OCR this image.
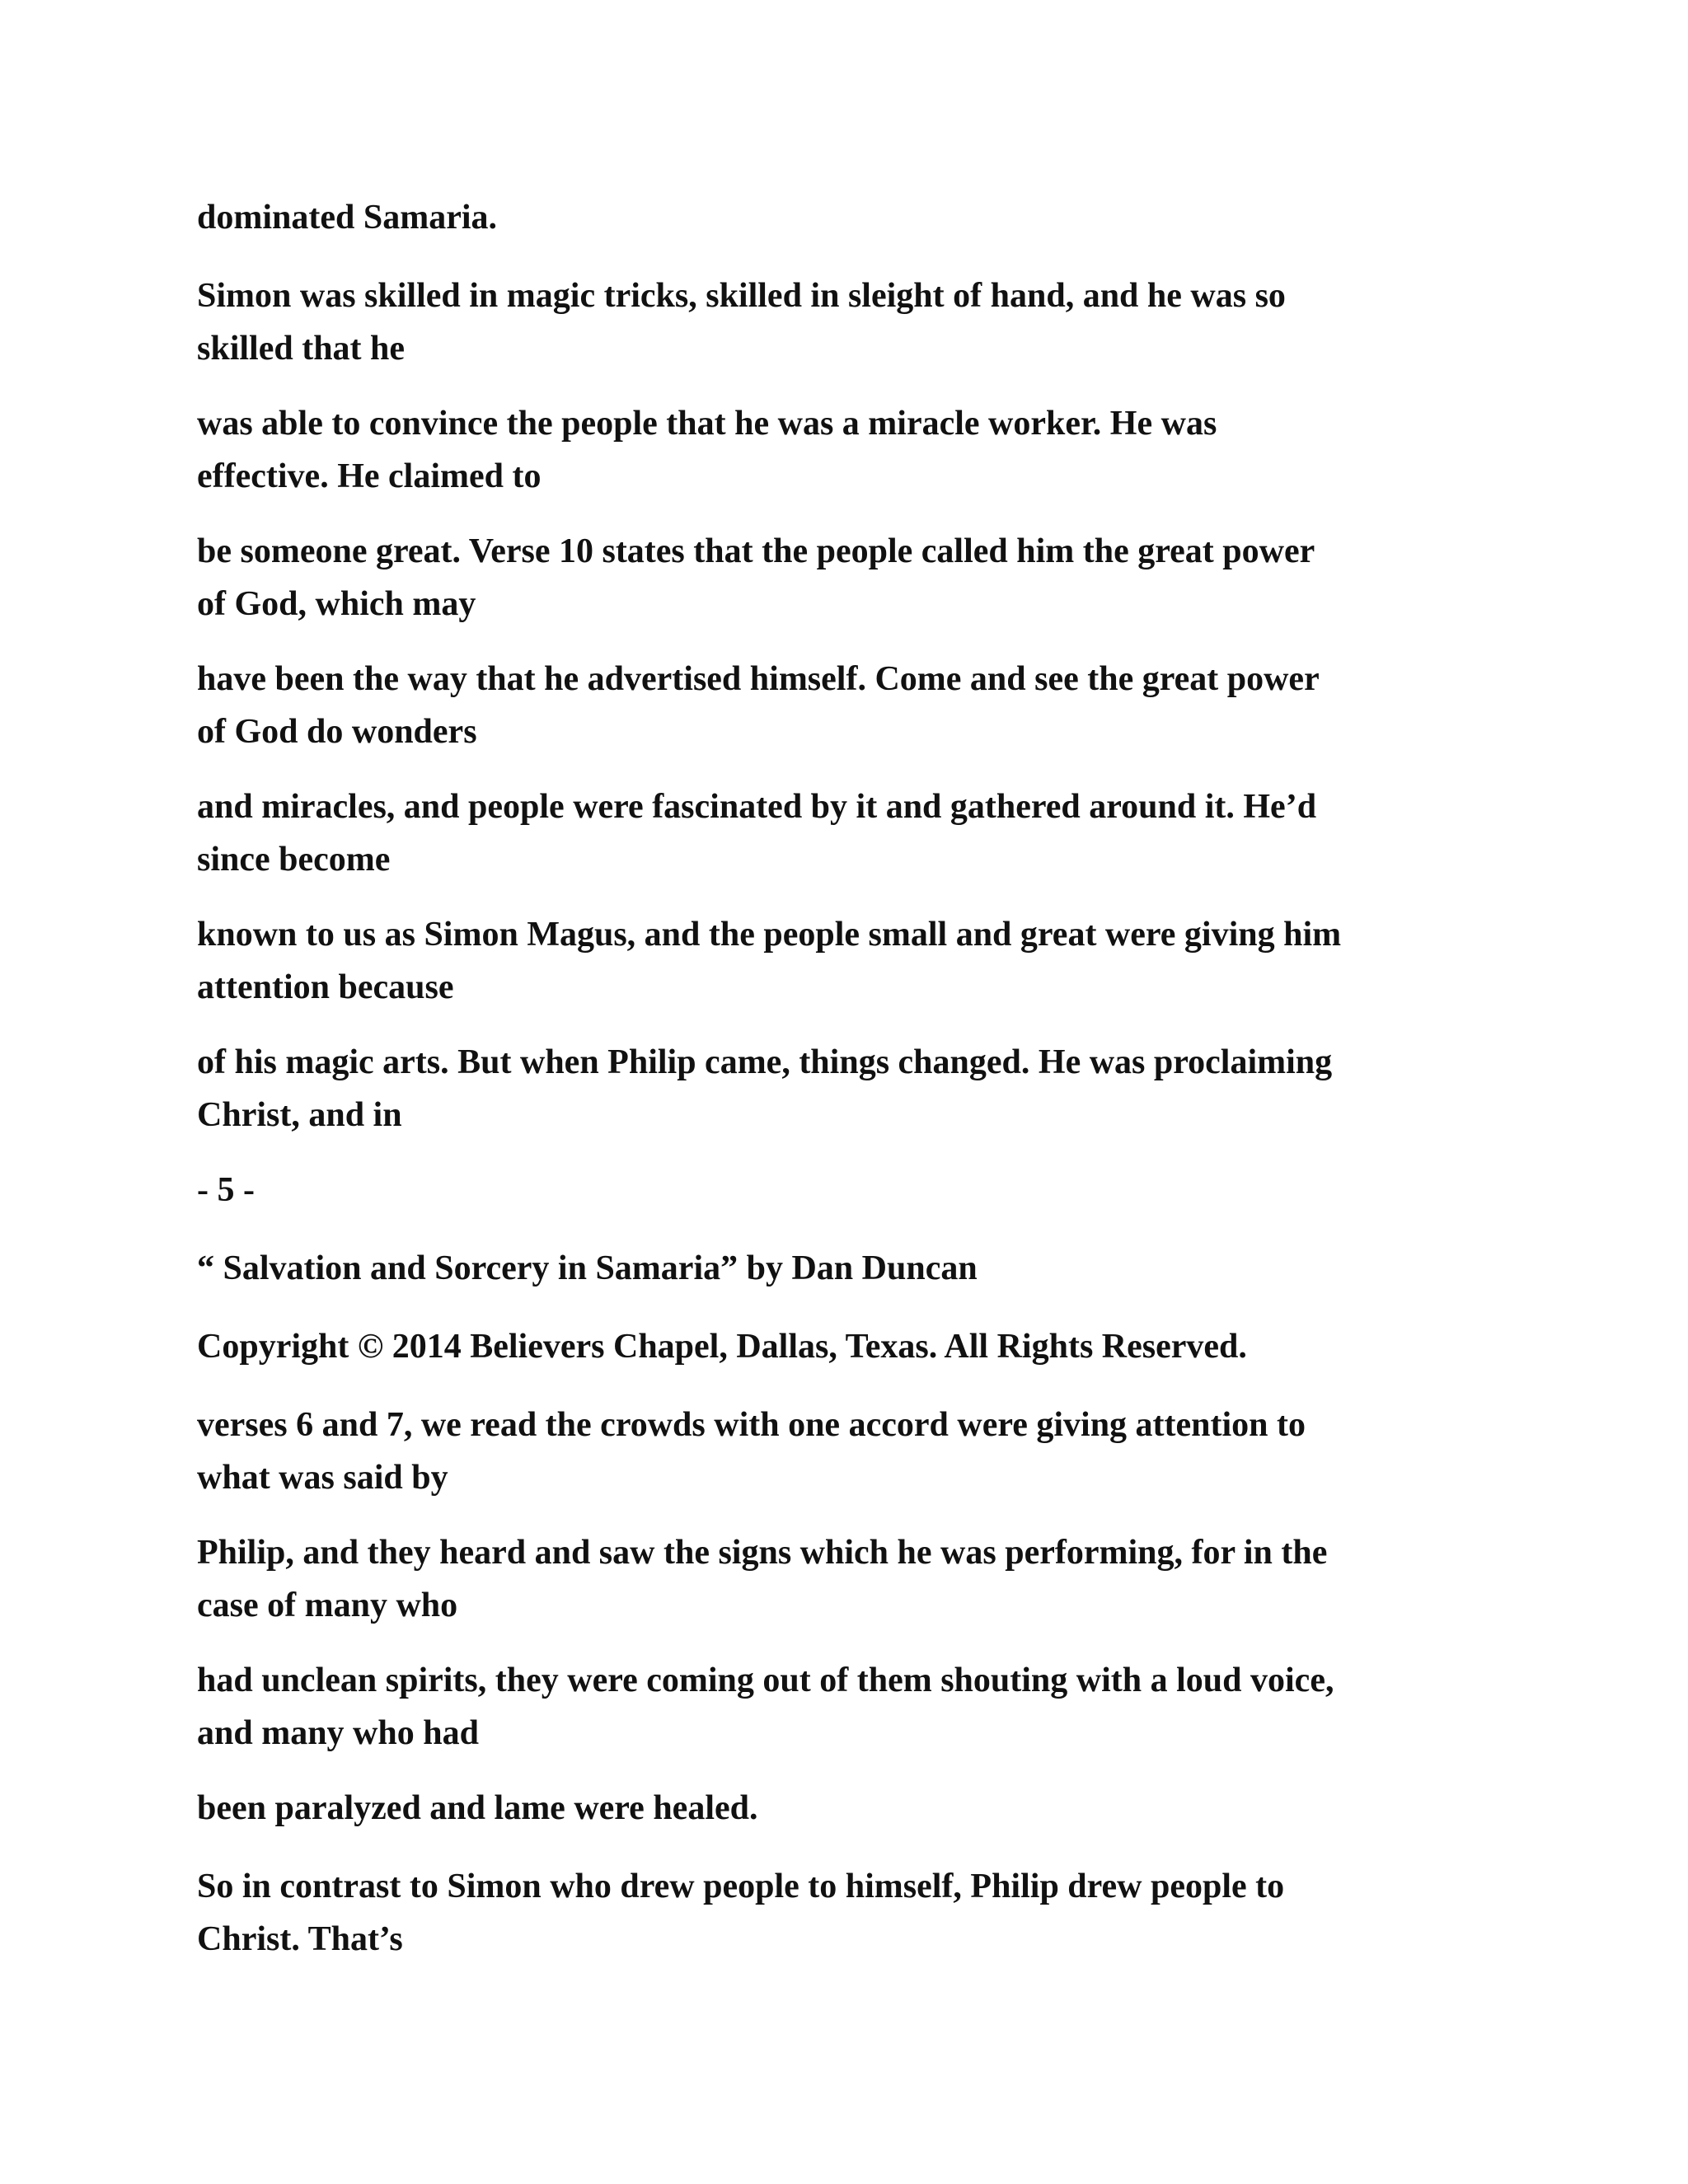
dominated Samaria.

Simon was skilled in magic tricks, skilled in sleight of hand, and he was so
skilled that he

was able to convince the people that he was a miracle worker. He was
effective. He claimed to

be someone great. Verse 10 states that the people called him the great power
of God, which may

have been the way that he advertised himself. Come and see the great power
of God do wonders

and miracles, and people were fascinated by it and gathered around it. He’d
since become

known to us as Simon Magus, and the people small and great were giving him
attention because

of his magic arts. But when Philip came, things changed. He was proclaiming
Christ, and in

- 5 -

“ Salvation and Sorcery in Samaria” by Dan Duncan

Copyright © 2014 Believers Chapel, Dallas, Texas. All Rights Reserved.

verses 6 and 7, we read the crowds with one accord were giving attention to
what was said by

Philip, and they heard and saw the signs which he was performing, for in the
case of many who

had unclean spirits, they were coming out of them shouting with a loud voice,
and many who had

been paralyzed and lame were healed.

So in contrast to Simon who drew people to himself, Philip drew people to
Christ. That’s
